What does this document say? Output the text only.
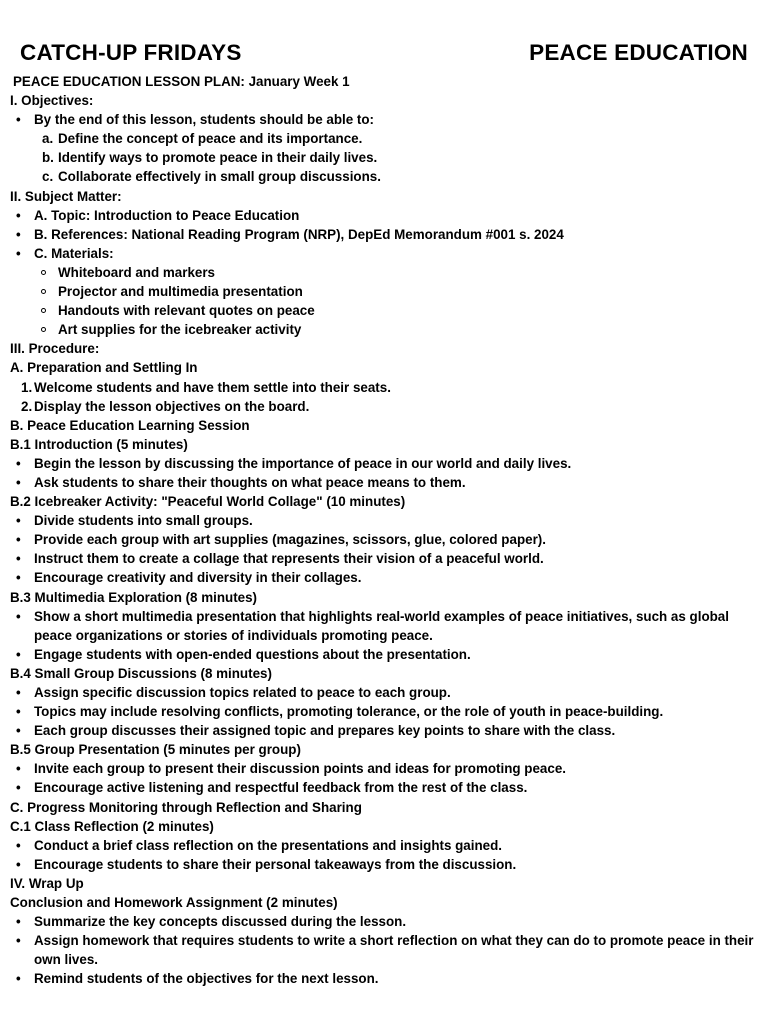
CATCH-UP FRIDAYS	PEACE EDUCATION
PEACE EDUCATION LESSON PLAN: January Week 1
I. Objectives:
• By the end of this lesson, students should be able to:
a. Define the concept of peace and its importance.
b. Identify ways to promote peace in their daily lives.
c. Collaborate effectively in small group discussions.
II. Subject Matter:
• A. Topic: Introduction to Peace Education
• B. References: National Reading Program (NRP), DepEd Memorandum #001 s. 2024
• C. Materials:
Whiteboard and markers
Projector and multimedia presentation
Handouts with relevant quotes on peace
Art supplies for the icebreaker activity
III. Procedure:
A. Preparation and Settling In
1. Welcome students and have them settle into their seats.
2. Display the lesson objectives on the board.
B. Peace Education Learning Session
B.1 Introduction (5 minutes)
• Begin the lesson by discussing the importance of peace in our world and daily lives.
• Ask students to share their thoughts on what peace means to them.
B.2 Icebreaker Activity: "Peaceful World Collage" (10 minutes)
• Divide students into small groups.
• Provide each group with art supplies (magazines, scissors, glue, colored paper).
• Instruct them to create a collage that represents their vision of a peaceful world.
• Encourage creativity and diversity in their collages.
B.3 Multimedia Exploration (8 minutes)
• Show a short multimedia presentation that highlights real-world examples of peace initiatives, such as global peace organizations or stories of individuals promoting peace.
• Engage students with open-ended questions about the presentation.
B.4 Small Group Discussions (8 minutes)
• Assign specific discussion topics related to peace to each group.
• Topics may include resolving conflicts, promoting tolerance, or the role of youth in peace-building.
• Each group discusses their assigned topic and prepares key points to share with the class.
B.5 Group Presentation (5 minutes per group)
• Invite each group to present their discussion points and ideas for promoting peace.
• Encourage active listening and respectful feedback from the rest of the class.
C. Progress Monitoring through Reflection and Sharing
C.1 Class Reflection (2 minutes)
• Conduct a brief class reflection on the presentations and insights gained.
• Encourage students to share their personal takeaways from the discussion.
IV. Wrap Up
Conclusion and Homework Assignment (2 minutes)
• Summarize the key concepts discussed during the lesson.
• Assign homework that requires students to write a short reflection on what they can do to promote peace in their own lives.
• Remind students of the objectives for the next lesson.
